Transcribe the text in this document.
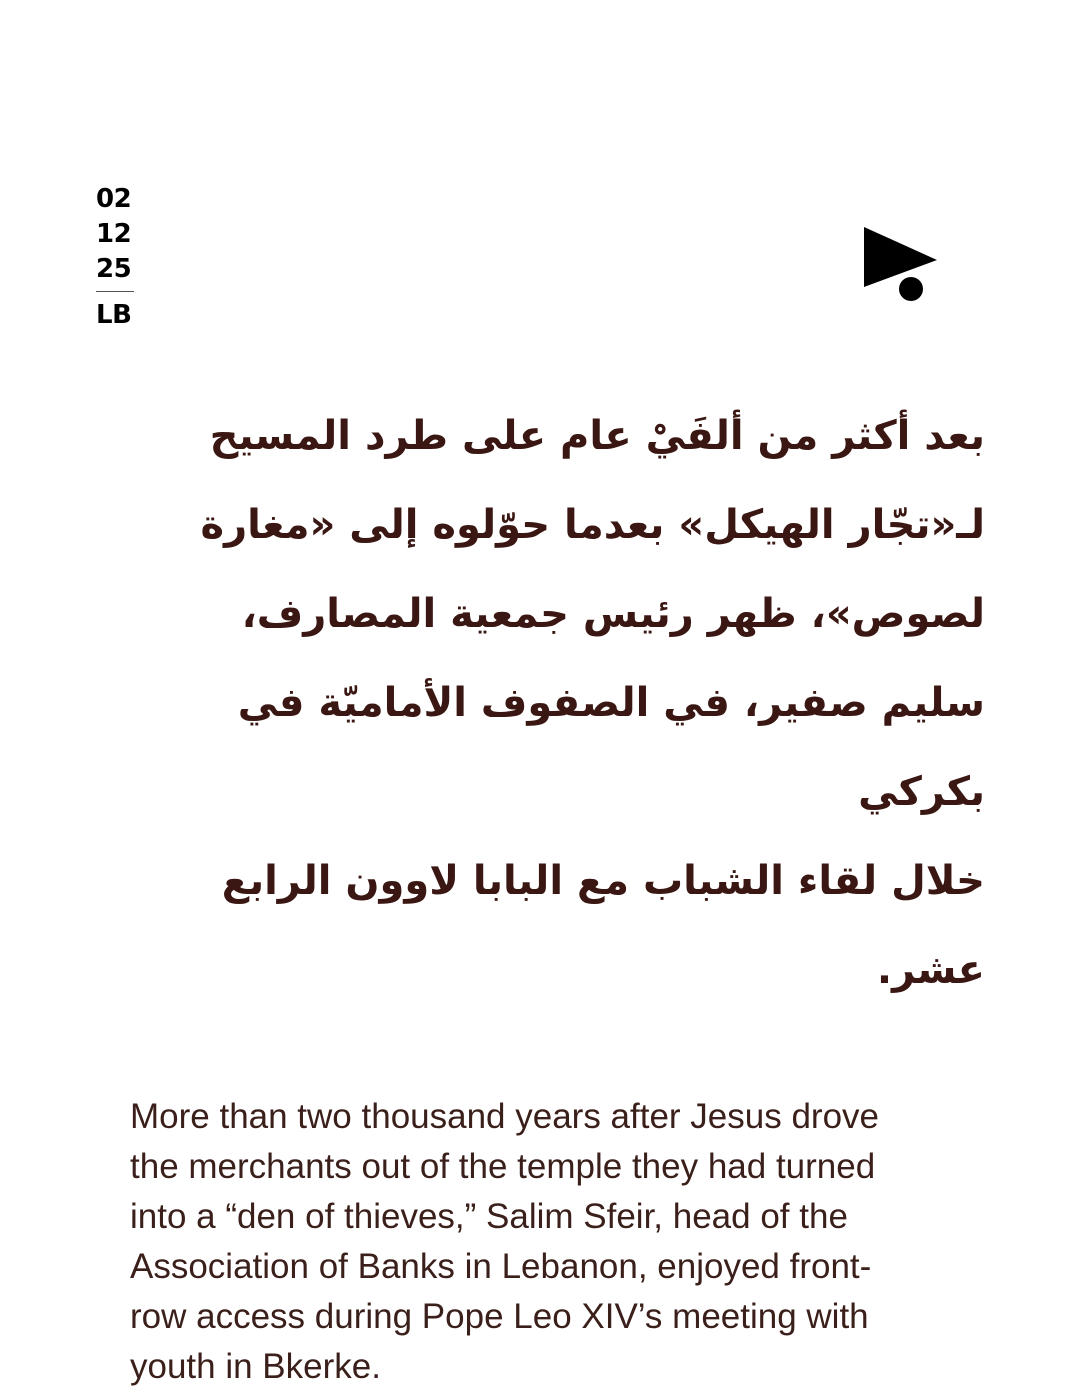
02
12
25
LB
بعد أكثر من ألفَيْ عام على طرد المسيح
لـ«تجّار الهيكل» بعدما حوّلوه إلى «مغارة
لصوص»، ظهر رئيس جمعية المصارف،
سليم صفير، في الصفوف الأماميّة في بكركي
خلال لقاء الشباب مع البابا لاوون الرابع عشر.
More than two thousand years after Jesus drove
the merchants out of the temple they had turned
into a “den of thieves,” Salim Sfeir, head of the
Association of Banks in Lebanon, enjoyed front-
row access during Pope Leo XIV’s meeting with
youth in Bkerke.
